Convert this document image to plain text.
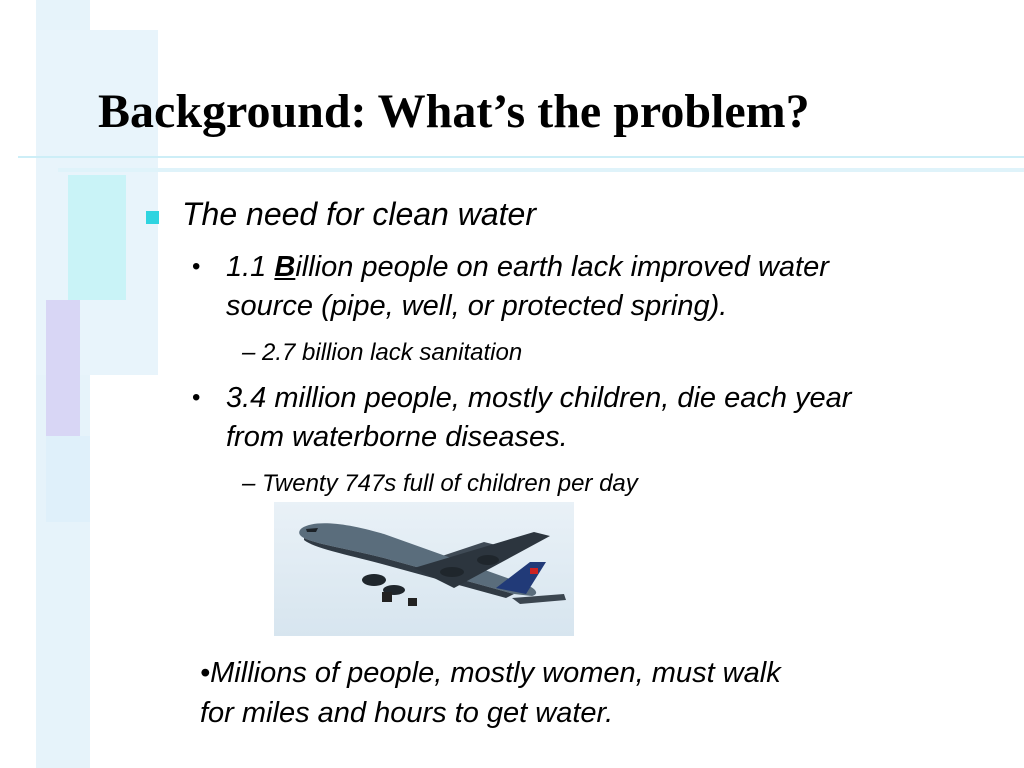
Background: What’s the problem?
The need for clean water
• 1.1 Billion people on earth lack improved water
source (pipe, well, or protected spring).
– 2.7 billion lack sanitation
• 3.4 million people, mostly children, die each year
from waterborne diseases.
– Twenty 747s full of children per day
•Millions of people, mostly women, must walk
for miles and hours to get water.
